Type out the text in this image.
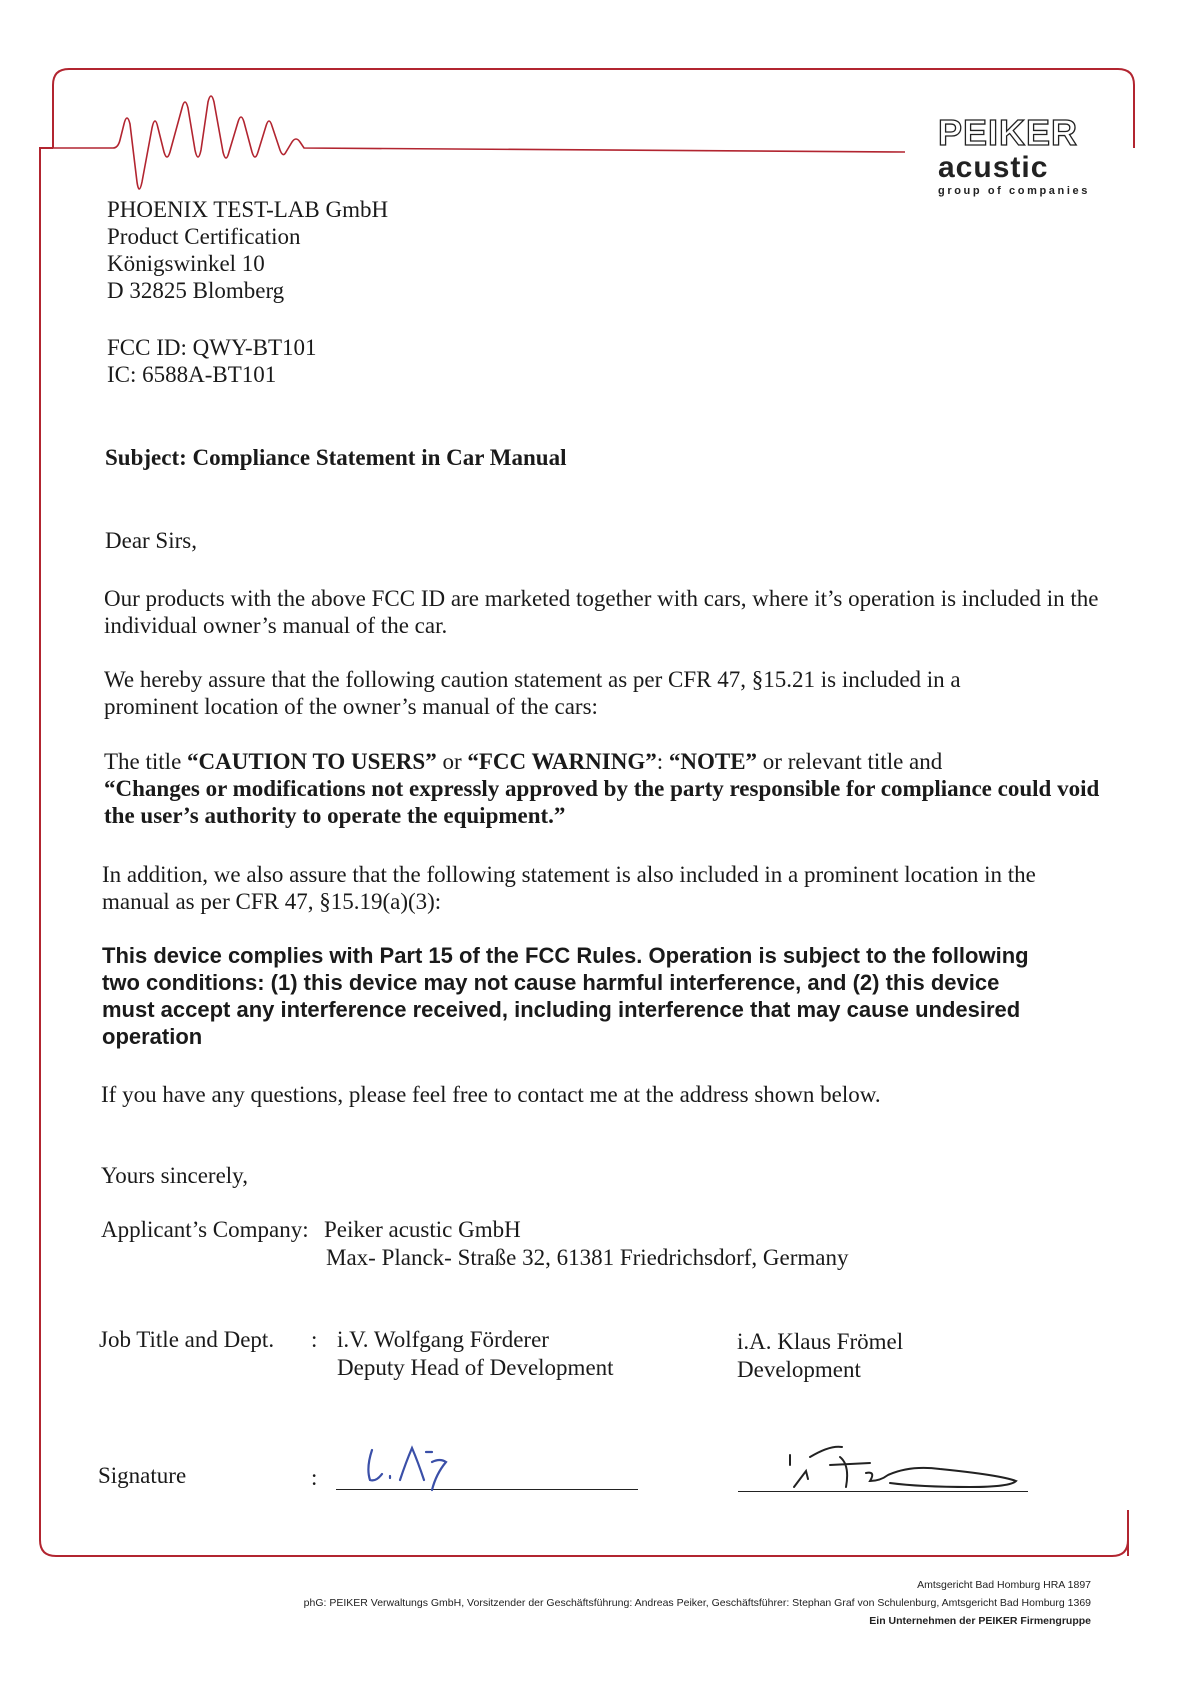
PEIKER
acustic
group of companies
PHOENIX TEST-LAB GmbH
Product Certification
Königswinkel 10
D 32825 Blomberg
FCC ID: QWY-BT101
IC: 6588A-BT101
Subject: Compliance Statement in Car Manual
Dear Sirs,
Our products with the above FCC ID are marketed together with cars, where it’s operation is included in the individual owner’s manual of the car.
We hereby assure that the following caution statement as per CFR 47, §15.21 is included in a prominent location of the owner’s manual of the cars:
The title “CAUTION TO USERS” or “FCC WARNING”: “NOTE” or relevant title and
“Changes or modifications not expressly approved by the party responsible for compliance could void the user’s authority to operate the equipment.”
In addition, we also assure that the following statement is also included in a prominent location in the manual as per CFR 47, §15.19(a)(3):
This device complies with Part 15 of the FCC Rules. Operation is subject to the following two conditions: (1) this device may not cause harmful interference, and (2) this device must accept any interference received, including interference that may cause undesired operation
If you have any questions, please feel free to contact me at the address shown below.
Yours sincerely,
Applicant’s Company: Peiker acustic GmbH
Max- Planck- Straße 32, 61381 Friedrichsdorf, Germany
Job Title and Dept. : i.V. Wolfgang Förderer
Deputy Head of Development
i.A. Klaus Frömel
Development
Signature	:
Amtsgericht Bad Homburg HRA 1897
phG: PEIKER Verwaltungs GmbH, Vorsitzender der Geschäftsführung: Andreas Peiker, Geschäftsführer: Stephan Graf von Schulenburg, Amtsgericht Bad Homburg 1369
Ein Unternehmen der PEIKER Firmengruppe
